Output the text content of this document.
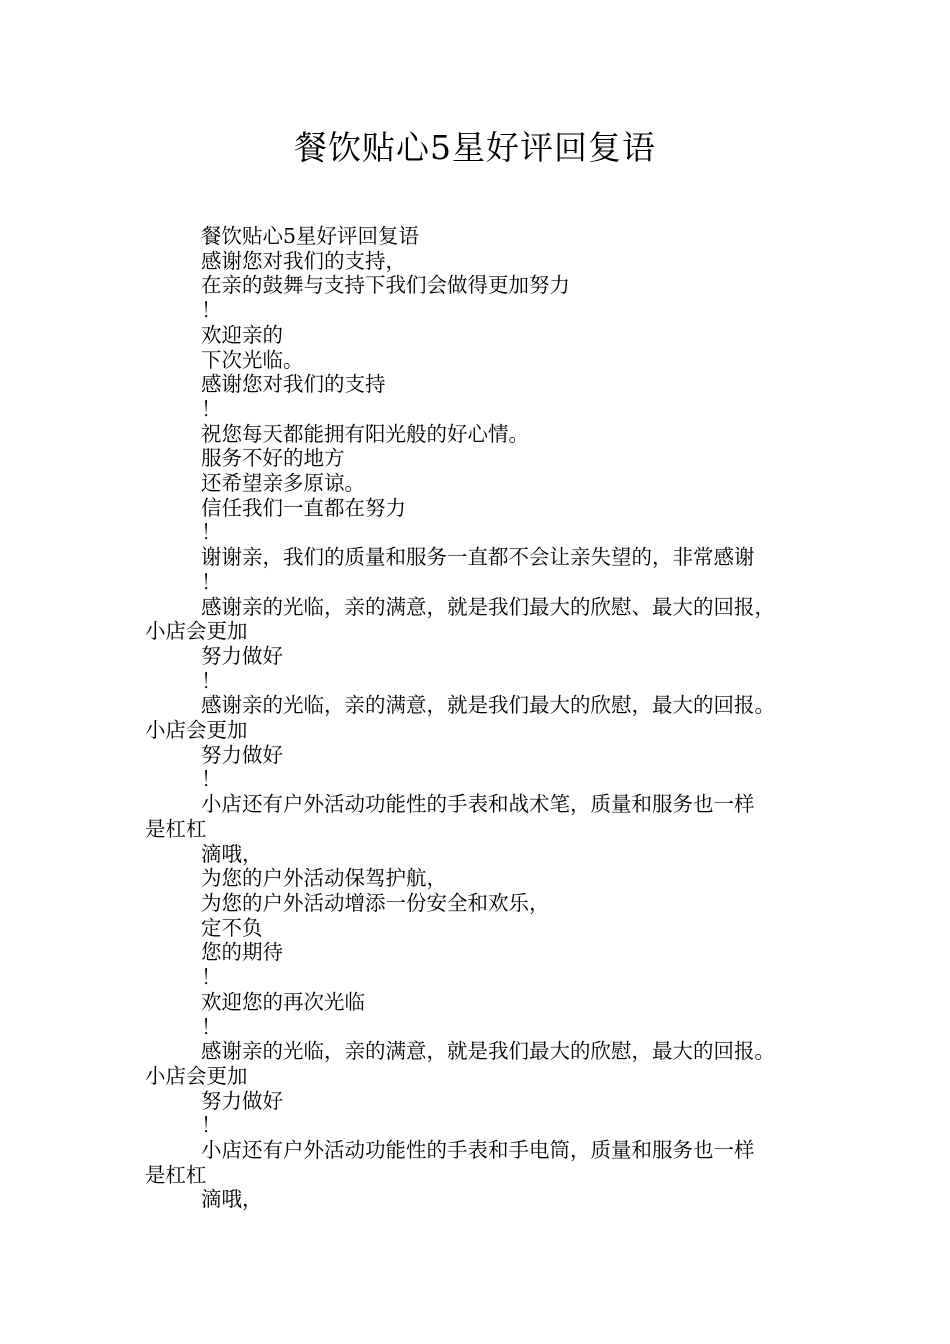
餐饮贴心5星好评回复语

餐饮贴心5星好评回复语

感谢您对我们的支持，

在亲的鼓舞与支持下我们会做得更加努力

！

欢迎亲的

下次光临。

感谢您对我们的支持

！

祝您每天都能拥有阳光般的好心情。

服务不好的地方

还希望亲多原谅。

信任我们一直都在努力

！

谢谢亲，我们的质量和服务一直都不会让亲失望的，非常感谢

！

感谢亲的光临，亲的满意，就是我们最大的欣慰、最大的回报，

小店会更加

努力做好

！

感谢亲的光临，亲的满意，就是我们最大的欣慰，最大的回报。

小店会更加

努力做好

！

小店还有户外活动功能性的手表和战术笔，质量和服务也一样

是杠杠

滴哦，

为您的户外活动保驾护航，

为您的户外活动增添一份安全和欢乐，

定不负

您的期待

！

欢迎您的再次光临

！

感谢亲的光临，亲的满意，就是我们最大的欣慰，最大的回报。

小店会更加

努力做好

！

小店还有户外活动功能性的手表和手电筒，质量和服务也一样

是杠杠

滴哦，
